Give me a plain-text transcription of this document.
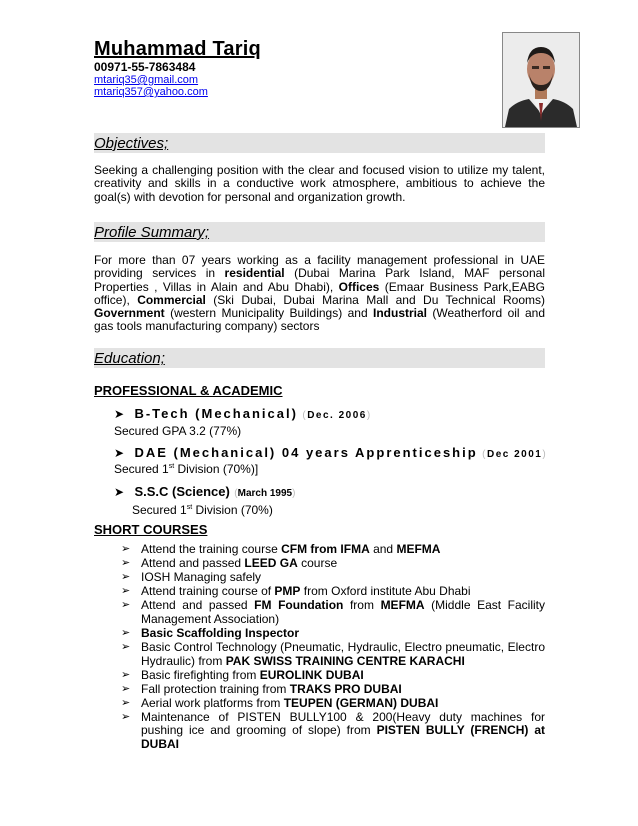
Muhammad Tariq
00971-55-7863484
mtariq35@gmail.com
mtariq357@yahoo.com
Objectives;
Seeking a challenging position with the clear and focused vision to utilize my talent, creativity and skills in a conductive work atmosphere, ambitious to achieve the goal(s) with devotion for personal and organization growth.
Profile Summary;
For more than 07 years working as a facility management professional in UAE providing services in residential (Dubai Marina Park Island, MAF personal Properties , Villas in Alain and Abu Dhabi), Offices (Emaar Business Park,EABG office), Commercial (Ski Dubai, Dubai Marina Mall and Du Technical Rooms) Government (western Municipality Buildings) and Industrial (Weatherford oil and gas tools manufacturing company) sectors
Education;
PROFESSIONAL & ACADEMIC
➤ B-Tech (Mechanical) (Dec. 2006)
Secured GPA 3.2 (77%)
➤ DAE (Mechanical) 04 years Apprenticeship (Dec 2001)
Secured 1st Division (70%)]
➤ S.S.C (Science) (March 1995)
Secured 1st Division (70%)
SHORT COURSES
➢ Attend the training course CFM from IFMA and MEFMA
➢ Attend and passed LEED GA course
➢ IOSH Managing safely
➢ Attend training course of PMP from Oxford institute Abu Dhabi
➢ Attend and passed FM Foundation from MEFMA (Middle East Facility Management Association)
➢ Basic Scaffolding Inspector
➢ Basic Control Technology (Pneumatic, Hydraulic, Electro pneumatic, Electro Hydraulic) from PAK SWISS TRAINING CENTRE KARACHI
➢ Basic firefighting from EUROLINK DUBAI
➢ Fall protection training from TRAKS PRO DUBAI
➢ Aerial work platforms from TEUPEN (GERMAN) DUBAI
➢ Maintenance of PISTEN BULLY100 & 200(Heavy duty machines for pushing ice and grooming of slope) from PISTEN BULLY (FRENCH) at DUBAI
